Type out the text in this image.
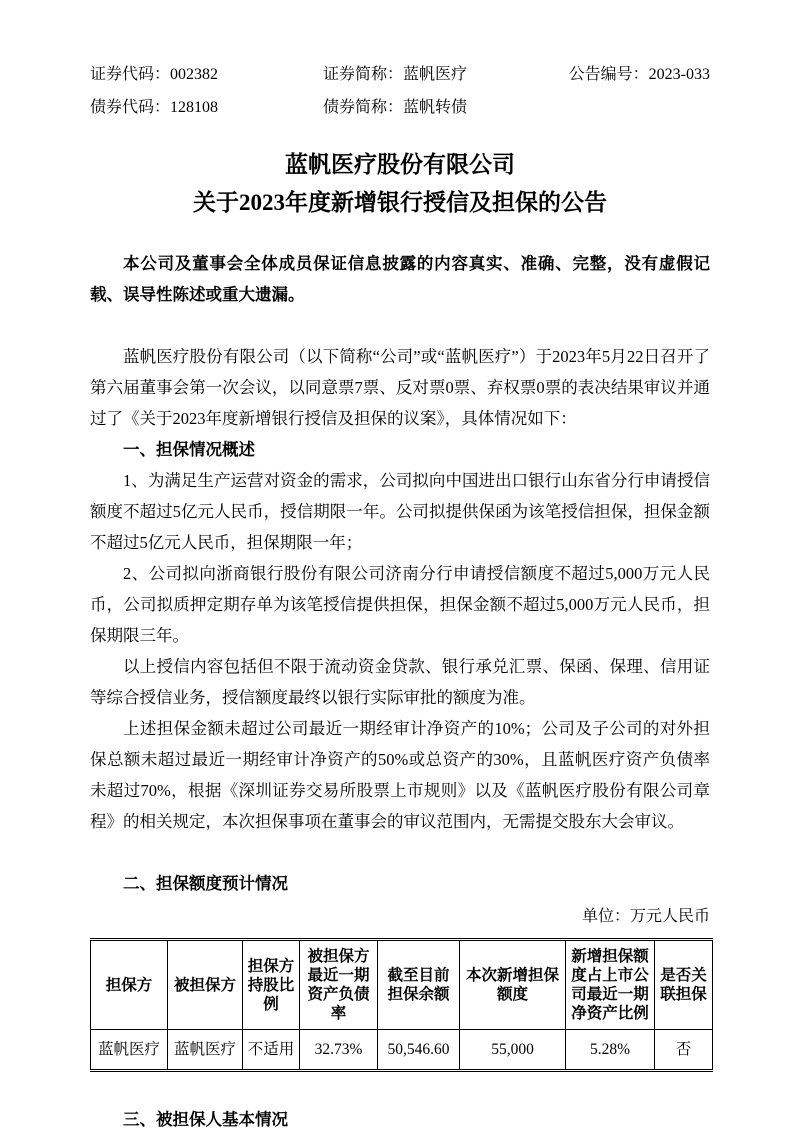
证券代码：002382	证券简称：蓝帆医疗	公告编号：2023-033
债券代码：128108	债券简称：蓝帆转债
蓝帆医疗股份有限公司
关于2023年度新增银行授信及担保的公告

本公司及董事会全体成员保证信息披露的内容真实、准确、完整，没有虚假记载、误导性陈述或重大遗漏。

蓝帆医疗股份有限公司（以下简称“公司”或“蓝帆医疗”）于2023年5月22日召开了第六届董事会第一次会议，以同意票7票、反对票0票、弃权票0票的表决结果审议并通过了《关于2023年度新增银行授信及担保的议案》，具体情况如下：

一、担保情况概述

1、为满足生产运营对资金的需求，公司拟向中国进出口银行山东省分行申请授信额度不超过5亿元人民币，授信期限一年。公司拟提供保函为该笔授信担保，担保金额不超过5亿元人民币，担保期限一年；

2、公司拟向浙商银行股份有限公司济南分行申请授信额度不超过5,000万元人民币，公司拟质押定期存单为该笔授信提供担保，担保金额不超过5,000万元人民币，担保期限三年。

以上授信内容包括但不限于流动资金贷款、银行承兑汇票、保函、保理、信用证等综合授信业务，授信额度最终以银行实际审批的额度为准。

上述担保金额未超过公司最近一期经审计净资产的10%；公司及子公司的对外担保总额未超过最近一期经审计净资产的50%或总资产的30%，且蓝帆医疗资产负债率未超过70%，根据《深圳证券交易所股票上市规则》以及《蓝帆医疗股份有限公司章程》的相关规定，本次担保事项在董事会的审议范围内，无需提交股东大会审议。

二、担保额度预计情况
单位：万元人民币
担保方	被担保方	担保方持股比例	被担保方最近一期资产负债率	截至目前担保余额	本次新增担保额度	新增担保额度占上市公司最近一期净资产比例	是否关联担保
蓝帆医疗	蓝帆医疗	不适用	32.73%	50,546.60	55,000	5.28%	否
三、被担保人基本情况
